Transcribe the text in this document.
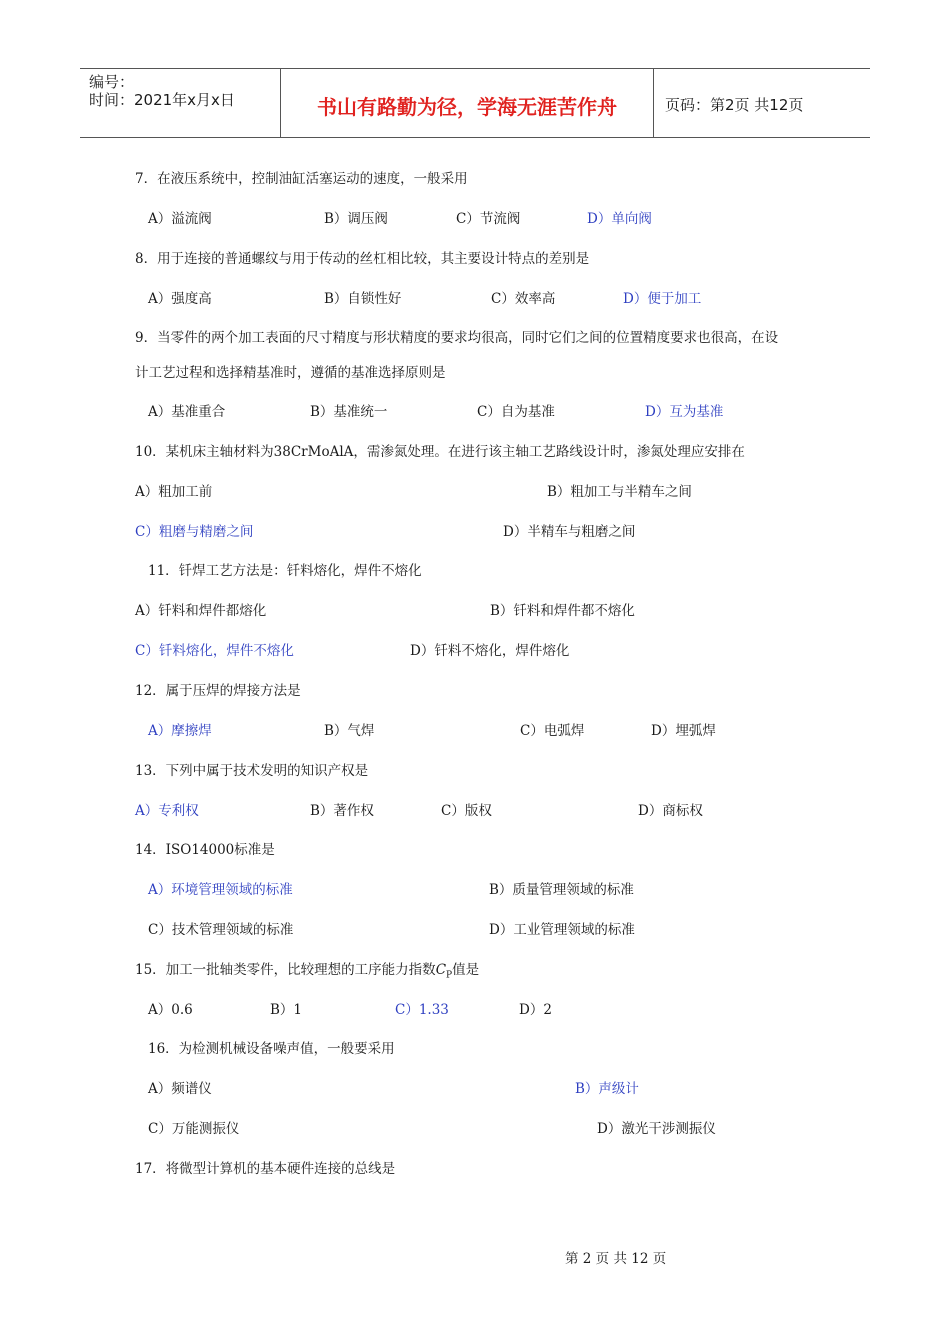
编号：
时间：2021年x月x日	书山有路勤为径，学海无涯苦作舟	页码：第2页 共12页
7．在液压系统中，控制油缸活塞运动的速度，一般采用
A）溢流阀	B）调压阀	C）节流阀	D）单向阀
8．用于连接的普通螺纹与用于传动的丝杠相比较，其主要设计特点的差别是
A）强度高	B）自锁性好	C）效率高	D）便于加工
9．当零件的两个加工表面的尺寸精度与形状精度的要求均很高，同时它们之间的位置精度要求也很高，在设
计工艺过程和选择精基准时，遵循的基准选择原则是
A）基准重合	B）基准统一	C）自为基准	D）互为基准
10．某机床主轴材料为38CrMoAlA，需渗氮处理。在进行该主轴工艺路线设计时，渗氮处理应安排在
A）粗加工前	B）粗加工与半精车之间
C）粗磨与精磨之间	D）半精车与粗磨之间
11．钎焊工艺方法是：钎料熔化，焊件不熔化
A）钎料和焊件都熔化	B）钎料和焊件都不熔化
C）钎料熔化，焊件不熔化	D）钎料不熔化，焊件熔化
12．属于压焊的焊接方法是
A）摩擦焊	B）气焊	C）电弧焊	D）埋弧焊
13．下列中属于技术发明的知识产权是
A）专利权	B）著作权	C）版权	D）商标权
14．ISO14000标准是
A）环境管理领域的标准	B）质量管理领域的标准
C）技术管理领域的标准	D）工业管理领域的标准
15．加工一批轴类零件，比较理想的工序能力指数$C_P$值是
A）0.6	B）1	C）1.33	D）2
16．为检测机械设备噪声值，一般要采用
A）频谱仪	B）声级计
C）万能测振仪	D）激光干涉测振仪
17．将微型计算机的基本硬件连接的总线是
第 2 页 共 12 页
